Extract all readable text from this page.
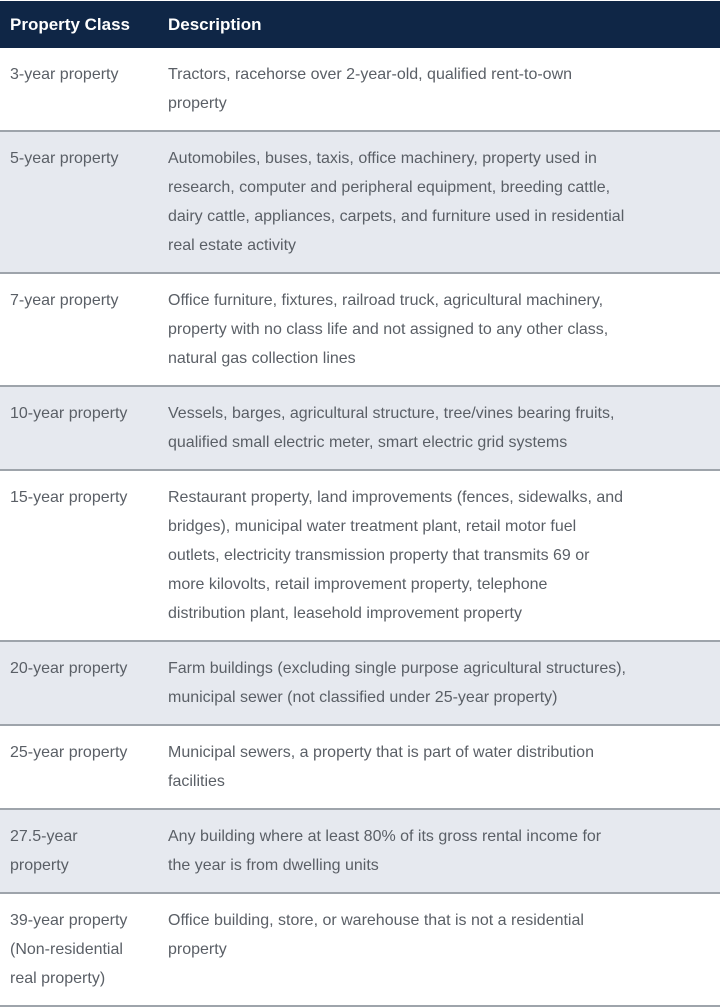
Property Class	Description
3-year property	Tractors, racehorse over 2-year-old, qualified rent-to-own
property
5-year property	Automobiles, buses, taxis, office machinery, property used in
research, computer and peripheral equipment, breeding cattle,
dairy cattle, appliances, carpets, and furniture used in residential
real estate activity
7-year property	Office furniture, fixtures, railroad truck, agricultural machinery,
property with no class life and not assigned to any other class,
natural gas collection lines
10-year property	Vessels, barges, agricultural structure, tree/vines bearing fruits,
qualified small electric meter, smart electric grid systems
15-year property	Restaurant property, land improvements (fences, sidewalks, and
bridges), municipal water treatment plant, retail motor fuel
outlets, electricity transmission property that transmits 69 or
more kilovolts, retail improvement property, telephone
distribution plant, leasehold improvement property
20-year property	Farm buildings (excluding single purpose agricultural structures),
municipal sewer (not classified under 25-year property)
25-year property	Municipal sewers, a property that is part of water distribution
facilities
27.5-year
property	Any building where at least 80% of its gross rental income for
the year is from dwelling units
39-year property
(Non-residential
real property)	Office building, store, or warehouse that is not a residential
property
